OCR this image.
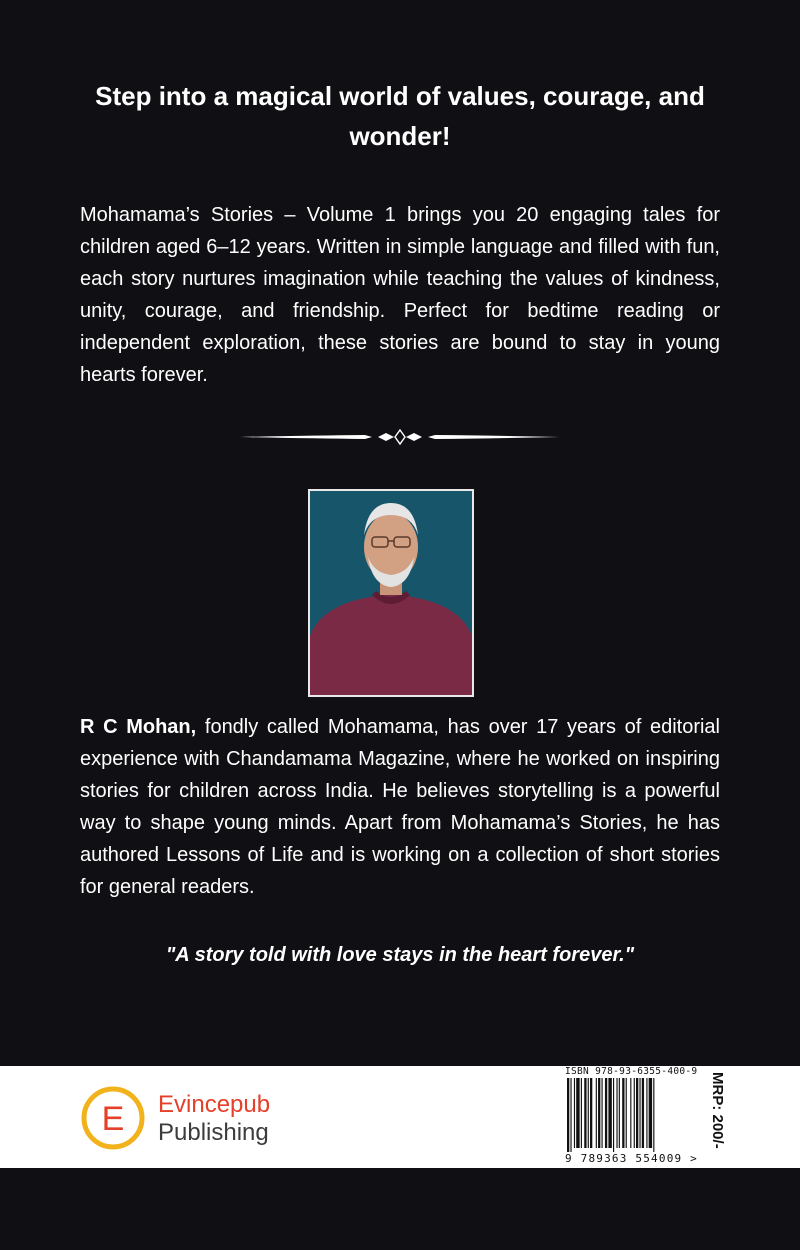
Step into a magical world of values, courage, and wonder!
Mohamama’s Stories – Volume 1 brings you 20 engaging tales for children aged 6–12 years. Written in simple language and filled with fun, each story nurtures imagination while teaching the values of kindness, unity, courage, and friendship. Perfect for bedtime reading or independent exploration, these stories are bound to stay in young hearts forever.
R C Mohan, fondly called Mohamama, has over 17 years of editorial experience with Chandamama Magazine, where he worked on inspiring stories for children across India. He believes storytelling is a powerful way to shape young minds. Apart from Mohamama’s Stories, he has authored Lessons of Life and is working on a collection of short stories for general readers.
"A story told with love stays in the heart forever."
E Evincepub
Publishing
ISBN 978-93-6355-400-9
9 789363 554009 >
MRP: 200/-
